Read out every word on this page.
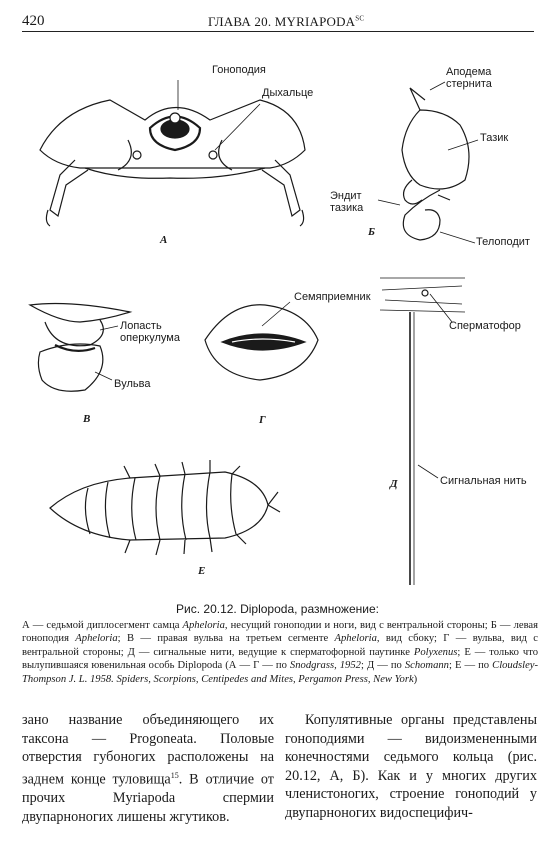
420	ГЛАВА 20. $MYRIAPODA^{SC}$
Гонoподия
Дыхальце
Аподема
стернита
Тазик
Эндит
тазика
Телоподит
Семяприемник
Лопасть
оперкулума
Вульва
Сперматофор
Сигнальная нить
А
Б
В	Г
Д
Е
Рис. 20.12. Diplopoda, размножение:
А — седьмой диплосегмент самца Apheloria, несущий гоноподии и ноги, вид с вентральной стороны; Б — левая гоноподия Apheloria; В — правая вульва на третьем сегменте Apheloria, вид сбоку; Г — вульва, вид с вентральной стороны; Д — сигнальные нити, ведущие к сперматофорной паутинке Polyxenus; Е — только что вылупившаяся ювенильная особь Diplopoda (А — Г — по Snodgrass, 1952; Д — по Schomann; Е — по Cloudsley-Thompson J. L. 1958. Spiders, Scorpions, Centipedes and Mites, Pergamon Press, New York)
зано название объединяющего их таксона — Progoneata. Половые отверстия губоногих расположены на заднем конце туловища$^{15}$. В отличие от прочих Myriapoda спермии двупарноногих лишены жгутиков.
Копулятивные органы представлены гоноподиями — видоизмененными конечностями седьмого кольца (рис. 20.12, А, Б). Как и у многих других членистоногих, строение гоноподий у двупарноногих видоспецифич-
